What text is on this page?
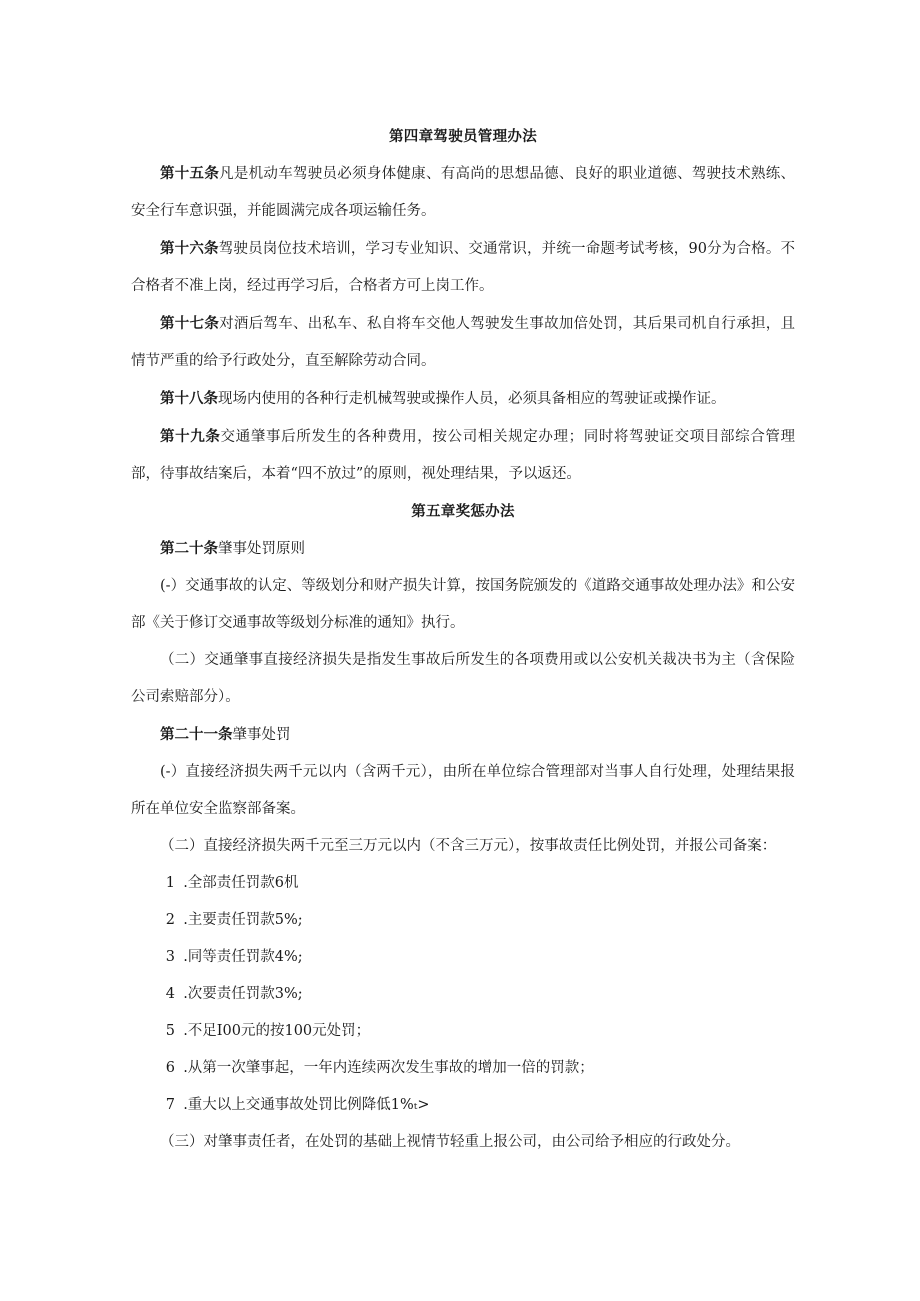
第四章驾驶员管理办法

第十五条凡是机动车驾驶员必须身体健康、有高尚的思想品德、良好的职业道德、驾驶技术熟练、安全行车意识强，并能圆满完成各项运输任务。

第十六条驾驶员岗位技术培训，学习专业知识、交通常识，并统一命题考试考核，90分为合格。不合格者不准上岗，经过再学习后，合格者方可上岗工作。

第十七条对酒后驾车、出私车、私自将车交他人驾驶发生事故加倍处罚，其后果司机自行承担，且情节严重的给予行政处分，直至解除劳动合同。

第十八条现场内使用的各种行走机械驾驶或操作人员，必须具备相应的驾驶证或操作证。

第十九条交通肇事后所发生的各种费用，按公司相关规定办理；同时将驾驶证交项目部综合管理部，待事故结案后，本着“四不放过”的原则，视处理结果，予以返还。

第五章奖惩办法

第二十条肇事处罚原则

(-）交通事故的认定、等级划分和财产损失计算，按国务院颁发的《道路交通事故处理办法》和公安部《关于修订交通事故等级划分标准的通知》执行。

（二）交通肇事直接经济损失是指发生事故后所发生的各项费用或以公安机关裁决书为主（含保险公司索赔部分）。

第二十一条肇事处罚

(-）直接经济损失两千元以内（含两千元），由所在单位综合管理部对当事人自行处理，处理结果报所在单位安全监察部备案。

（二）直接经济损失两千元至三万元以内（不含三万元），按事故责任比例处罚，并报公司备案：

1 .全部责任罚款6机

2 .主要责任罚款5%;

3 .同等责任罚款4%;

4 .次要责任罚款3%;

5 .不足I00元的按100元处罚；

6 .从第一次肇事起，一年内连续两次发生事故的增加一倍的罚款；

7 .重大以上交通事故处罚比例降低1%ₜ>

（三）对肇事责任者，在处罚的基础上视情节轻重上报公司，由公司给予相应的行政处分。
